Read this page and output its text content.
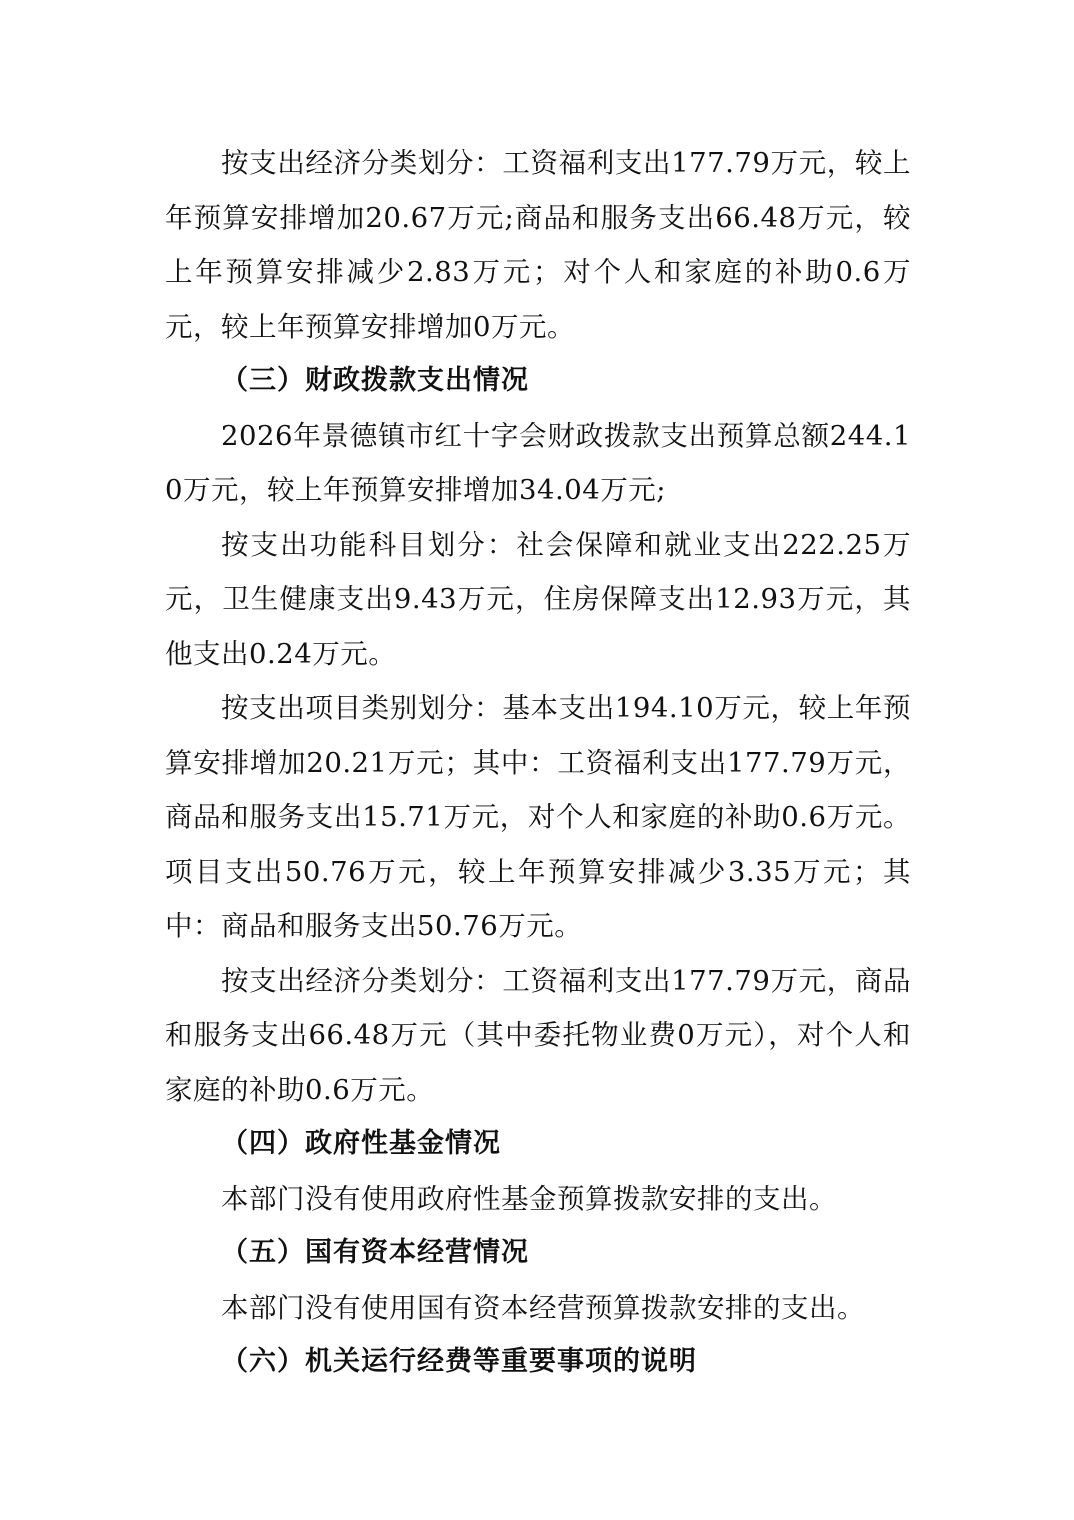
按支出经济分类划分：工资福利支出177.79万元，较上年预算安排增加20.67万元;商品和服务支出66.48万元，较上年预算安排减少2.83万元；对个人和家庭的补助0.6万元，较上年预算安排增加0万元。

（三）财政拨款支出情况

2026年景德镇市红十字会财政拨款支出预算总额244.10万元，较上年预算安排增加34.04万元;

按支出功能科目划分：社会保障和就业支出222.25万元，卫生健康支出9.43万元，住房保障支出12.93万元，其他支出0.24万元。

按支出项目类别划分：基本支出194.10万元，较上年预算安排增加20.21万元；其中：工资福利支出177.79万元，商品和服务支出15.71万元，对个人和家庭的补助0.6万元。项目支出50.76万元，较上年预算安排减少3.35万元；其中：商品和服务支出50.76万元。

按支出经济分类划分：工资福利支出177.79万元，商品和服务支出66.48万元（其中委托物业费0万元），对个人和家庭的补助0.6万元。

（四）政府性基金情况

本部门没有使用政府性基金预算拨款安排的支出。

（五）国有资本经营情况

本部门没有使用国有资本经营预算拨款安排的支出。

（六）机关运行经费等重要事项的说明
